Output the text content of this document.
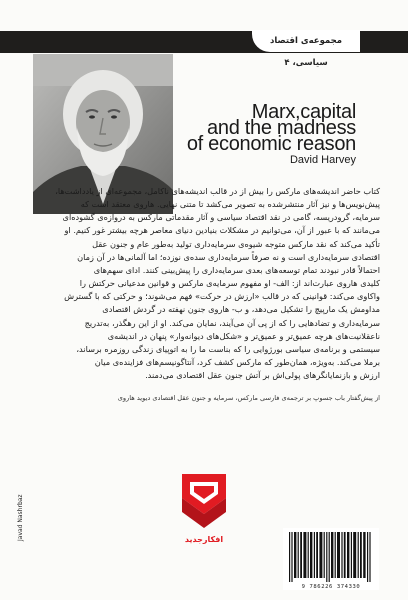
مجموعه‌ی اقتصاد سیاسی، ۴
Marx,capital
and the madness
of economic reason
David Harvey
کتاب حاضر اندیشه‌های مارکس را بیش از در قالب اندیشه‌های ناکامل، مجموعه‌ای از یادداشت‌ها،
پیش‌نویس‌ها و نیز آثار منتشرشده به تصویر می‌کشد تا متنی نهایی. هاروی معتقد است که
سرمایه، گرودریسه، گامی در نقد اقتصاد سیاسی و آثار مقدماتی مارکس به دروازه‌ی گشوده‌ای
می‌مانند که با عبور از آن، می‌توانیم در مشکلات بنیادین دنیای معاصر هرچه بیشتر غور کنیم. او
تأکید می‌کند که نقد مارکس متوجه شیوه‌ی سرمایه‌داری تولید به‌طور عام و جنون عقل
اقتصادی سرمایه‌داری است و نه صرفاً سرمایه‌داری سده‌ی نوزده؛ اما آلمانی‌ها در آن زمان
احتمالاً قادر نبودند تمام توسعه‌های بعدی سرمایه‌داری را پیش‌بینی کنند. ادای سهم‌های
کلیدی هاروی عبارت‌اند از: الف- او مفهوم سرمایه‌ی مارکس و قوانین مدعیانی حرکتش را
واکاوی می‌کند: قوانینی که در قالب «ارزش در حرکت» فهم می‌شوند؛ و حرکتی که با گسترش
مداومش یک مارپیچ را تشکیل می‌دهد، و ب- هاروی جنون نهفته در گردش اقتصادی
سرمایه‌داری و تضادهایی را که از پی آن می‌آیند، نمایان می‌کند. او از این رهگذر، به‌تدریج
ناعقلانیت‌های هرچه عمیق‌تر و عمیق‌تر و «شکل‌های دیوانه‌وار» پنهان در اندیشه‌ی
سیستمی و برنامه‌ی سیاسی بورژوایی را که بناست ما را به اتوپیای زندگی روزمره برساند،
برملا می‌کند. به‌ویژه، همان‌طور که مارکس کشف کرد، آنتاگونیسم‌های فزاینده‌ی میان
ارزش و بازنمایانگرهای پولی‌اش بر آتش جنون عقل اقتصادی می‌دمند.
از پیش‌گفتار باب جسوپ بر ترجمه‌ی فارسی مارکس، سرمایه و جنون عقل اقتصادی دیوید هاروی
افکارجدید
Javad Nashrbaz
9 786226 374330
